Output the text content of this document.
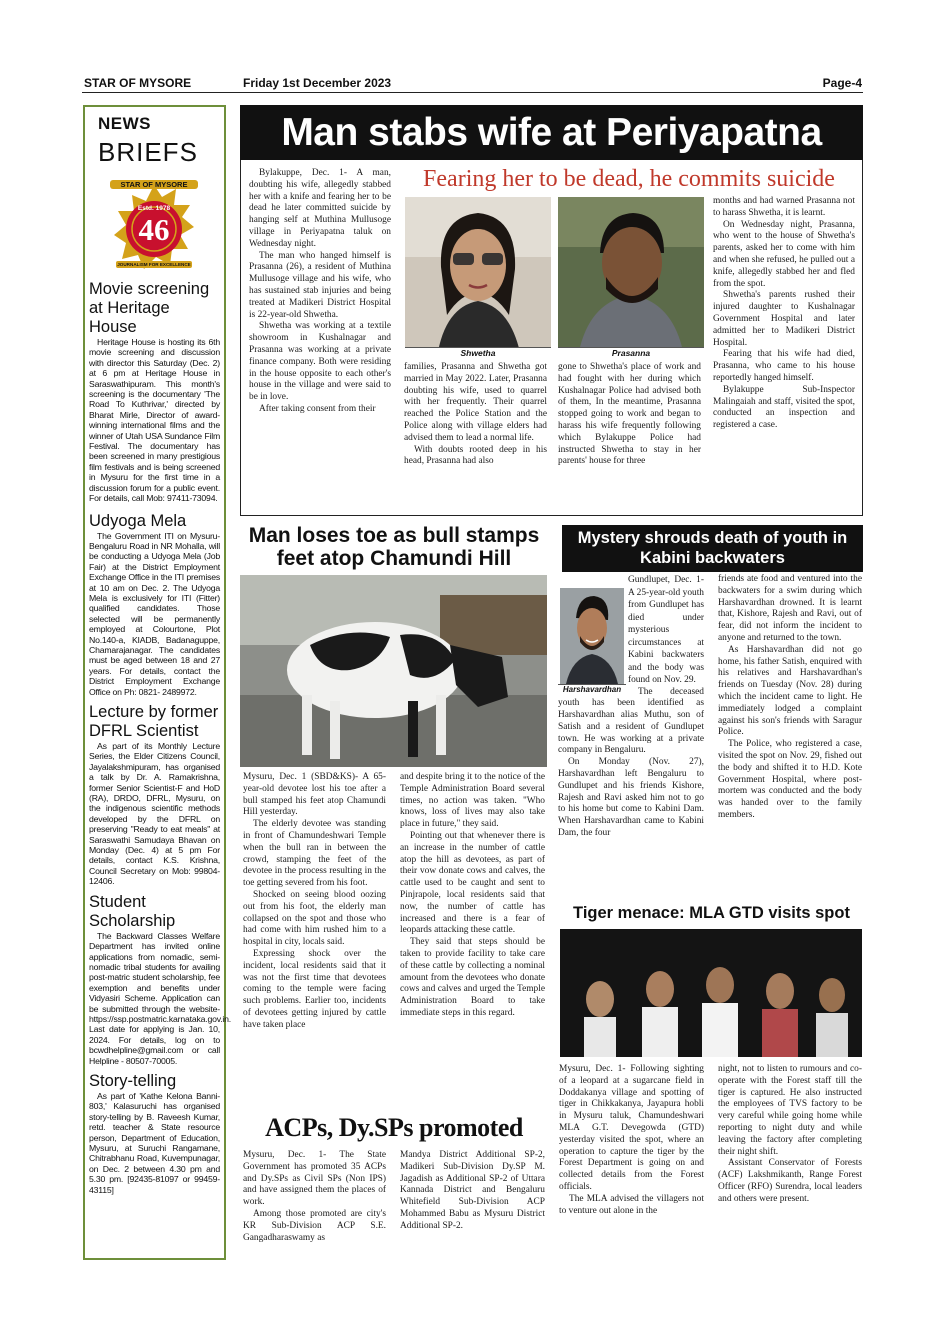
STAR OF MYSORE	Friday 1st December 2023	Page-4
NEWS
BRIEFS
STAR OF MYSORE
Estd. 1978
46
JOURNALISM FOR EXCELLENCE
Movie screening at Heritage House

Heritage House is hosting its 6th movie screening and discussion with director this Saturday (Dec. 2) at 6 pm at Heritage House in Saraswathipuram. This month's screening is the documentary 'The Road To Kuthrivar,' directed by Bharat Mirle, Director of award-winning international films and the winner of Utah USA Sundance Film Festival. The documentary has been screened in many prestigious film festivals and is being screened in Mysuru for the first time in a discussion forum for a public event. For details, call Mob: 97411-73094.

Udyoga Mela

The Government ITI on Mysuru-Bengaluru Road in NR Mohalla, will be conducting a Udyoga Mela (Job Fair) at the District Employment Exchange Office in the ITI premises at 10 am on Dec. 2. The Udyoga Mela is exclusively for ITI (Fitter) qualified candidates. Those selected will be permanently employed at Colourtone, Plot No.140-a, KIADB, Badanaguppe, Chamarajanagar. The candidates must be aged between 18 and 27 years. For details, contact the District Employment Exchange Office on Ph: 0821- 2489972.

Lecture by former DFRL Scientist

As part of its Monthly Lecture Series, the Elder Citizens Council, Jayalakshmipuram, has organised a talk by Dr. A. Ramakrishna, former Senior Scientist-F and HoD (RA), DRDO, DFRL, Mysuru, on the indigenous scientific methods developed by the DFRL on preserving "Ready to eat meals" at Saraswathi Samudaya Bhavan on Monday (Dec. 4) at 5 pm For details, contact K.S. Krishna, Council Secretary on Mob: 99804-12406.

Student Scholarship

The Backward Classes Welfare Department has invited online applications from nomadic, semi-nomadic tribal students for availing post-matric student scholarship, fee exemption and benefits under Vidyasiri Scheme. Application can be submitted through the website- https://ssp.postmatric.karnataka.gov.in. Last date for applying is Jan. 10, 2024. For details, log on to bcwdhelpline@gmail.com or call Helpline - 80507-70005.

Story-telling

As part of 'Kathe Kelona Banni-803,' Kalasuruchi has organised story-telling by B. Raveesh Kumar, retd. teacher & State resource person, Department of Education, Mysuru, at Suruchi Rangamane, Chitrabhanu Road, Kuvempunagar, on Dec. 2 between 4.30 pm and 5.30 pm. [92435-81097 or 99459-43115]

Man stabs wife at Periyapatna

Bylakuppe, Dec. 1- A man, doubting his wife, allegedly stabbed her with a knife and fearing her to be dead he later committed suicide by hanging self at Muthina Mullusoge village in Periyapatna taluk on Wednesday night.

The man who hanged himself is Prasanna (26), a resident of Muthina Mullusoge village and his wife, who has sustained stab injuries and being treated at Madikeri District Hospital is 22-year-old Shwetha.

Shwetha was working at a textile showroom in Kushalnagar and Prasanna was working at a private finance company. Both were residing in the house opposite to each other's house in the village and were said to be in love.

After taking consent from their

Fearing her to be dead, he commits suicide
Shwetha	Prasanna

families, Prasanna and Shwetha got married in May 2022. Later, Prasanna doubting his wife, used to quarrel with her frequently. Their quarrel reached the Police Station and the Police along with village elders had advised them to lead a normal life.

With doubts rooted deep in his head, Prasanna had also

gone to Shwetha's place of work and had fought with her during which Kushalnagar Police had advised both of them, In the meantime, Prasanna stopped going to work and began to harass his wife frequently following which Bylakuppe Police had instructed Shwetha to stay in her parents' house for three

months and had warned Prasanna not to harass Shwetha, it is learnt.

On Wednesday night, Prasanna, who went to the house of Shwetha's parents, asked her to come with him and when she refused, he pulled out a knife, allegedly stabbed her and fled from the spot.

Shwetha's parents rushed their injured daughter to Kushalnagar Government Hospital and later admitted her to Madikeri District Hospital.

Fearing that his wife had died, Prasanna, who came to his house reportedly hanged himself.

Bylakuppe Sub-Inspector Malingaiah and staff, visited the spot, conducted an inspection and registered a case.

Man loses toe as bull stamps feet atop Chamundi Hill

Mysuru, Dec. 1 (SBD&KS)- A 65-year-old devotee lost his toe after a bull stamped his feet atop Chamundi Hill yesterday.

The elderly devotee was standing in front of Chamundeshwari Temple when the bull ran in between the crowd, stamping the feet of the devotee in the process resulting in the toe getting severed from his foot.

Shocked on seeing blood oozing out from his foot, the elderly man collapsed on the spot and those who had come with him rushed him to a hospital in city, locals said.

Expressing shock over the incident, local residents said that it was not the first time that devotees coming to the temple were facing such problems. Earlier too, incidents of devotees getting injured by cattle have taken place

and despite bring it to the notice of the Temple Administration Board several times, no action was taken. "Who knows, loss of lives may also take place in future," they said.

Pointing out that whenever there is an increase in the number of cattle atop the hill as devotees, as part of their vow donate cows and calves, the cattle used to be caught and sent to Pinjrapole, local residents said that now, the number of cattle has increased and there is a fear of leopards attacking these cattle.

They said that steps should be taken to provide facility to take care of these cattle by collecting a nominal amount from the devotees who donate cows and calves and urged the Temple Administration Board to take immediate steps in this regard.

ACPs, Dy.SPs promoted

Mysuru, Dec. 1- The State Government has promoted 35 ACPs and Dy.SPs as Civil SPs (Non IPS) and have assigned them the places of work.

Among those promoted are city's KR Sub-Division ACP S.E. Gangadharaswamy as

Mandya District Additional SP-2, Madikeri Sub-Division Dy.SP M. Jagadish as Additional SP-2 of Uttara Kannada District and Bengaluru Whitefield Sub-Division ACP Mohammed Babu as Mysuru District Additional SP-2.

Mystery shrouds death of youth in Kabini backwaters
Harshavardhan

Gundlupet, Dec. 1- A 25-year-old youth from Gundlupet has died under mysterious circumstances at Kabini backwaters and the body was found on Nov. 29.

The deceased youth has been identified as Harshavardhan alias Muthu, son of Satish and a resident of Gundlupet town. He was working at a private company in Bengaluru.

On Monday (Nov. 27), Harshavardhan left Bengaluru to Gundlupet and his friends Kishore, Rajesh and Ravi asked him not to go to his home but come to Kabini Dam. When Harshavardhan came to Kabini Dam, the four

friends ate food and ventured into the backwaters for a swim during which Harshavardhan drowned. It is learnt that, Kishore, Rajesh and Ravi, out of fear, did not inform the incident to anyone and returned to the town.

As Harshavardhan did not go home, his father Satish, enquired with his relatives and Harshavardhan's friends on Tuesday (Nov. 28) during which the incident came to light. He immediately lodged a complaint against his son's friends with Saragur Police.

The Police, who registered a case, visited the spot on Nov. 29, fished out the body and shifted it to H.D. Kote Government Hospital, where post-mortem was conducted and the body was handed over to the family members.

Tiger menace: MLA GTD visits spot

Mysuru, Dec. 1- Following sighting of a leopard at a sugarcane field in Doddakanya village and spotting of tiger in Chikkakanya, Jayapura hobli in Mysuru taluk, Chamundeshwari MLA G.T. Devegowda (GTD) yesterday visited the spot, where an operation to capture the tiger by the Forest Department is going on and collected details from the Forest officials.

The MLA advised the villagers not to venture out alone in the

night, not to listen to rumours and co-operate with the Forest staff till the tiger is captured. He also instructed the employees of TVS factory to be very careful while going home while reporting to night duty and while leaving the factory after completing their night shift.

Assistant Conservator of Forests (ACF) Lakshmikanth, Range Forest Officer (RFO) Surendra, local leaders and others were present.
